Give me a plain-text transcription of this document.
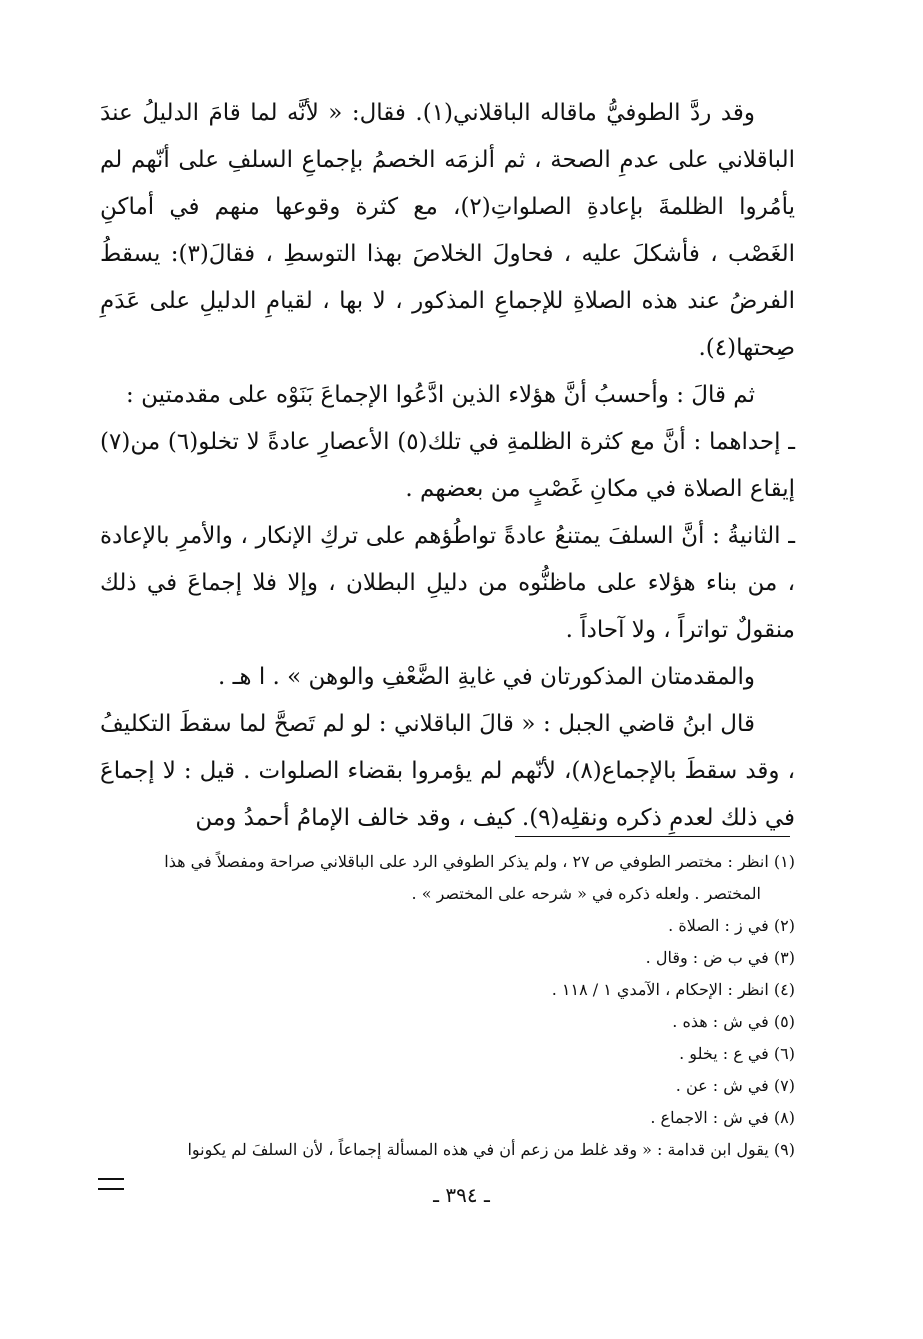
وقد ردَّ الطوفيُّ ماقاله الباقلاني(١). فقال: « لأنَّه لما قامَ الدليلُ عندَ الباقلاني على عدمِ الصحة ، ثم ألزمَه الخصمُ بإجماعِ السلفِ على أنّهم لم يأمُروا الظلمةَ بإعادةِ الصلواتِ(٢)، مع كثرة وقوعها منهم في أماكنِ الغَصْب ، فأشكلَ عليه ، فحاولَ الخلاصَ بهذا التوسطِ ، فقالَ(٣): يسقطُ الفرضُ عند هذه الصلاةِ للإجماعِ المذكور ، لا بها ، لقيامِ الدليلِ على عَدَمِ صِحتها(٤).

ثم قالَ : وأحسبُ أنَّ هؤلاء الذين ادَّعُوا الإجماعَ بَنَوْه على مقدمتين :

ـ إحداهما : أنَّ مع كثرة الظلمةِ في تلك(٥) الأعصارِ عادةً لا تخلو(٦) من(٧) إيقاع الصلاة في مكانِ غَصْبٍ من بعضهم .

ـ الثانيةُ : أنَّ السلفَ يمتنعُ عادةً تواطُؤهم على تركِ الإنكار ، والأمرِ بالإعادة ، من بناء هؤلاء على ماظنُّوه من دليلِ البطلان ، وإلا فلا إجماعَ في ذلك منقولٌ تواتراً ، ولا آحاداً .

والمقدمتان المذكورتان في غايةِ الضَّعْفِ والوهن » . ا هـ .

قال ابنُ قاضي الجبل : « قالَ الباقلاني : لو لم تَصحَّ لما سقطَ التكليفُ ، وقد سقطَ بالإجماع(٨)، لأنّهم لم يؤمروا بقضاء الصلوات . قيل : لا إجماعَ في ذلك لعدمِ ذكره ونقلِه(٩). كيف ، وقد خالف الإمامُ أحمدُ ومن

(١) انظر : مختصر الطوفي ص ٢٧ ، ولم يذكر الطوفي الرد على الباقلاني صراحة ومفصلاً في هذا
المختصر . ولعله ذكره في « شرحه على المختصر » .
(٢) في ز : الصلاة .
(٣) في ب ض : وقال .
(٤) انظر : الإحكام ، الآمدي ١ / ١١٨ .
(٥) في ش : هذه .
(٦) في ع : يخلو .
(٧) في ش : عن .
(٨) في ش : الاجماع .
(٩) يقول ابن قدامة : « وقد غلط من زعم أن في هذه المسألة إجماعاً ، لأن السلفَ لم يكونوا
ـ ٣٩٤ ـ
